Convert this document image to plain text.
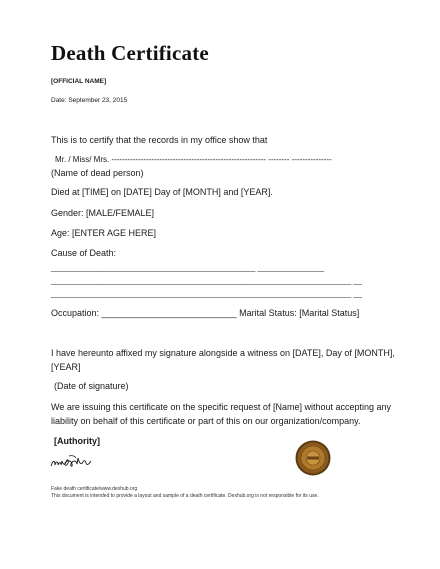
Death Certificate
[OFFICIAL NAME]
Date: September 23, 2015
This is to certify that the records in my office show that
Mr. / Miss/ Mrs. ---------------------------------------------------------- -------- ---------------
(Name of dead person)
Died at [TIME] on [DATE] Day of [MONTH] and [YEAR].
Gender: [MALE/FEMALE]
Age: [ENTER AGE HERE]
Cause of Death:
_________________________________________________ ________________
________________________________________________________________________ __
________________________________________________________________________ __
Occupation: ___________________________ Marital Status: [Marital Status]
I have hereunto affixed my signature alongside a witness on [DATE], Day of [MONTH],
[YEAR]
(Date of signature)
We are issuing this certificate on the specific request of [Name] without accepting any
liability on behalf of this certificate or part of this on our organization/company.
[Authority]
Fake death certificate/www.dexhub.org
This document is intended to provide a layout and sample of a death certificate. Dexhub.org is not responsible for its use.
